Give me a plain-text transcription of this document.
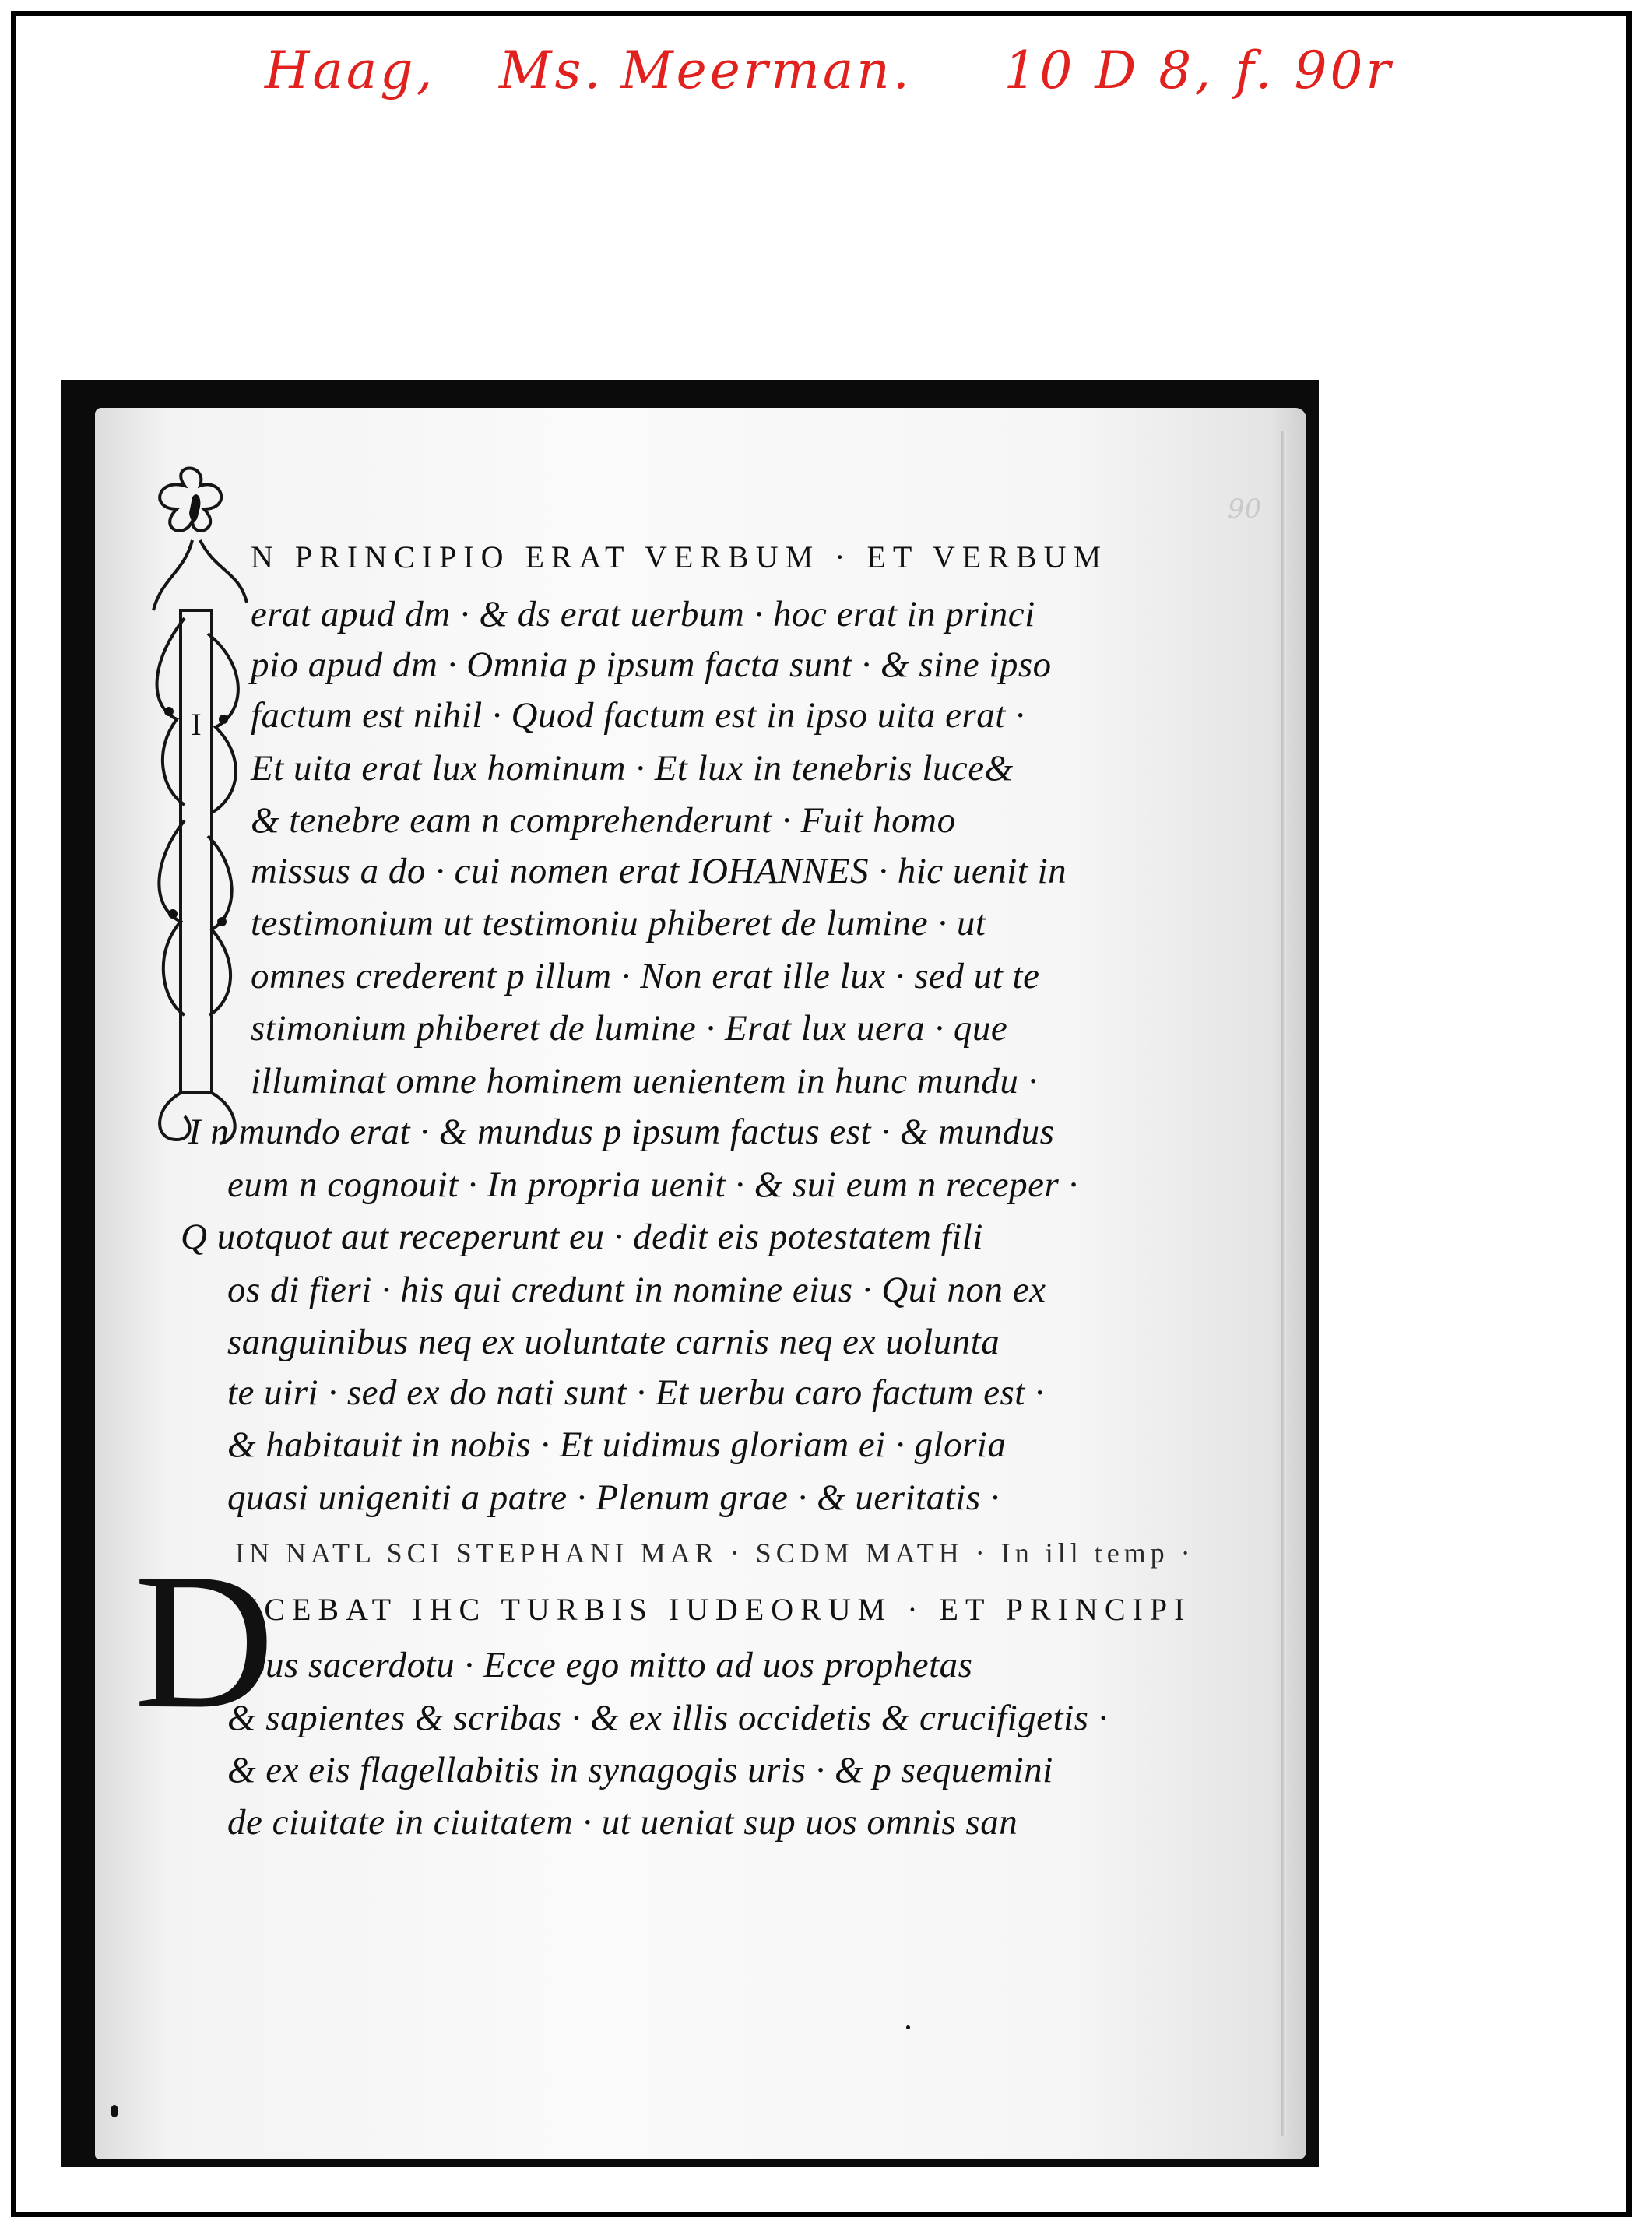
Haag, Ms. Meerman. 10 D 8, f. 90r
90
I
D
N PRINCIPIO ERAT VERBUM · ET VERBUM
erat apud dm · & ds erat uerbum · hoc erat in princi
pio apud dm · Omnia p ipsum facta sunt · & sine ipso
factum est nihil · Quod factum est in ipso uita erat ·
Et uita erat lux hominum · Et lux in tenebris luce&
& tenebre eam n comprehenderunt · Fuit homo
missus a do · cui nomen erat IOHANNES · hic uenit in
testimonium ut testimoniu phiberet de lumine · ut
omnes crederent p illum · Non erat ille lux · sed ut te
stimonium phiberet de lumine · Erat lux uera · que
illuminat omne hominem uenientem in hunc mundu ·
I n mundo erat · & mundus p ipsum factus est · & mundus
eum n cognouit · In propria uenit · & sui eum n receper ·
Q uotquot aut receperunt eu · dedit eis potestatem fili
os di fieri · his qui credunt in nomine eius · Qui non ex
sanguinibus neq ex uoluntate carnis neq ex uolunta
te uiri · sed ex do nati sunt · Et uerbu caro factum est ·
& habitauit in nobis · Et uidimus gloriam ei · gloria
quasi unigeniti a patre · Plenum grae · & ueritatis ·
IN NATL SCI STEPHANI MAR · SCDM MATH · In ill temp ·
ICEBAT IHC TURBIS IUDEORUM · ET PRINCIPI
bus sacerdotu · Ecce ego mitto ad uos prophetas
& sapientes & scribas · & ex illis occidetis & crucifigetis ·
& ex eis flagellabitis in synagogis uris · & p sequemini
de ciuitate in ciuitatem · ut ueniat sup uos omnis san
